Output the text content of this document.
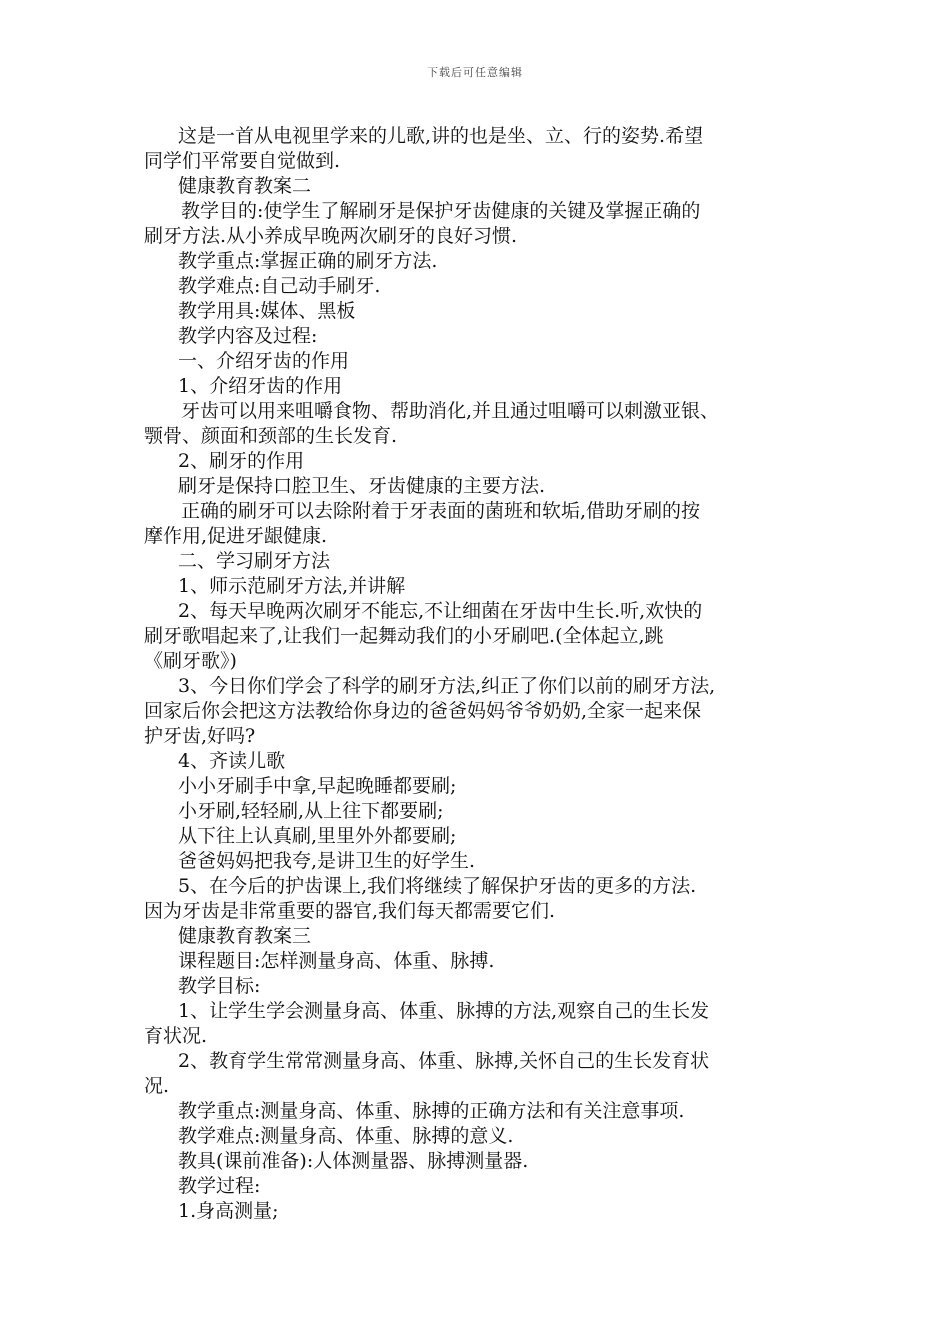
下载后可任意编辑
这是一首从电视里学来的儿歌,讲的也是坐、立、行的姿势.希望
同学们平常要自觉做到.
健康教育教案二
教学目的:使学生了解刷牙是保护牙齿健康的关键及掌握正确的
刷牙方法.从小养成早晚两次刷牙的良好习惯.
教学重点:掌握正确的刷牙方法.
教学难点:自己动手刷牙.
教学用具:媒体、黑板
教学内容及过程:
一、介绍牙齿的作用
1、介绍牙齿的作用
牙齿可以用来咀嚼食物、帮助消化,并且通过咀嚼可以刺激亚银、
颚骨、颜面和颈部的生长发育.
2、刷牙的作用
刷牙是保持口腔卫生、牙齿健康的主要方法.
正确的刷牙可以去除附着于牙表面的菌班和软垢,借助牙刷的按
摩作用,促进牙龈健康.
二、学习刷牙方法
1、师示范刷牙方法,并讲解
2、每天早晚两次刷牙不能忘,不让细菌在牙齿中生长.听,欢快的
刷牙歌唱起来了,让我们一起舞动我们的小牙刷吧.(全体起立,跳
《刷牙歌》)
3、今日你们学会了科学的刷牙方法,纠正了你们以前的刷牙方法,
回家后你会把这方法教给你身边的爸爸妈妈爷爷奶奶,全家一起来保
护牙齿,好吗?
4、齐读儿歌
小小牙刷手中拿,早起晚睡都要刷;
小牙刷,轻轻刷,从上往下都要刷;
从下往上认真刷,里里外外都要刷;
爸爸妈妈把我夸,是讲卫生的好学生.
5、在今后的护齿课上,我们将继续了解保护牙齿的更多的方法.
因为牙齿是非常重要的器官,我们每天都需要它们.
健康教育教案三
课程题目:怎样测量身高、体重、脉搏.
教学目标:
1、让学生学会测量身高、体重、脉搏的方法,观察自己的生长发
育状况.
2、教育学生常常测量身高、体重、脉搏,关怀自己的生长发育状
况.
教学重点:测量身高、体重、脉搏的正确方法和有关注意事项.
教学难点:测量身高、体重、脉搏的意义.
教具(课前准备):人体测量器、脉搏测量器.
教学过程:
1.身高测量;
